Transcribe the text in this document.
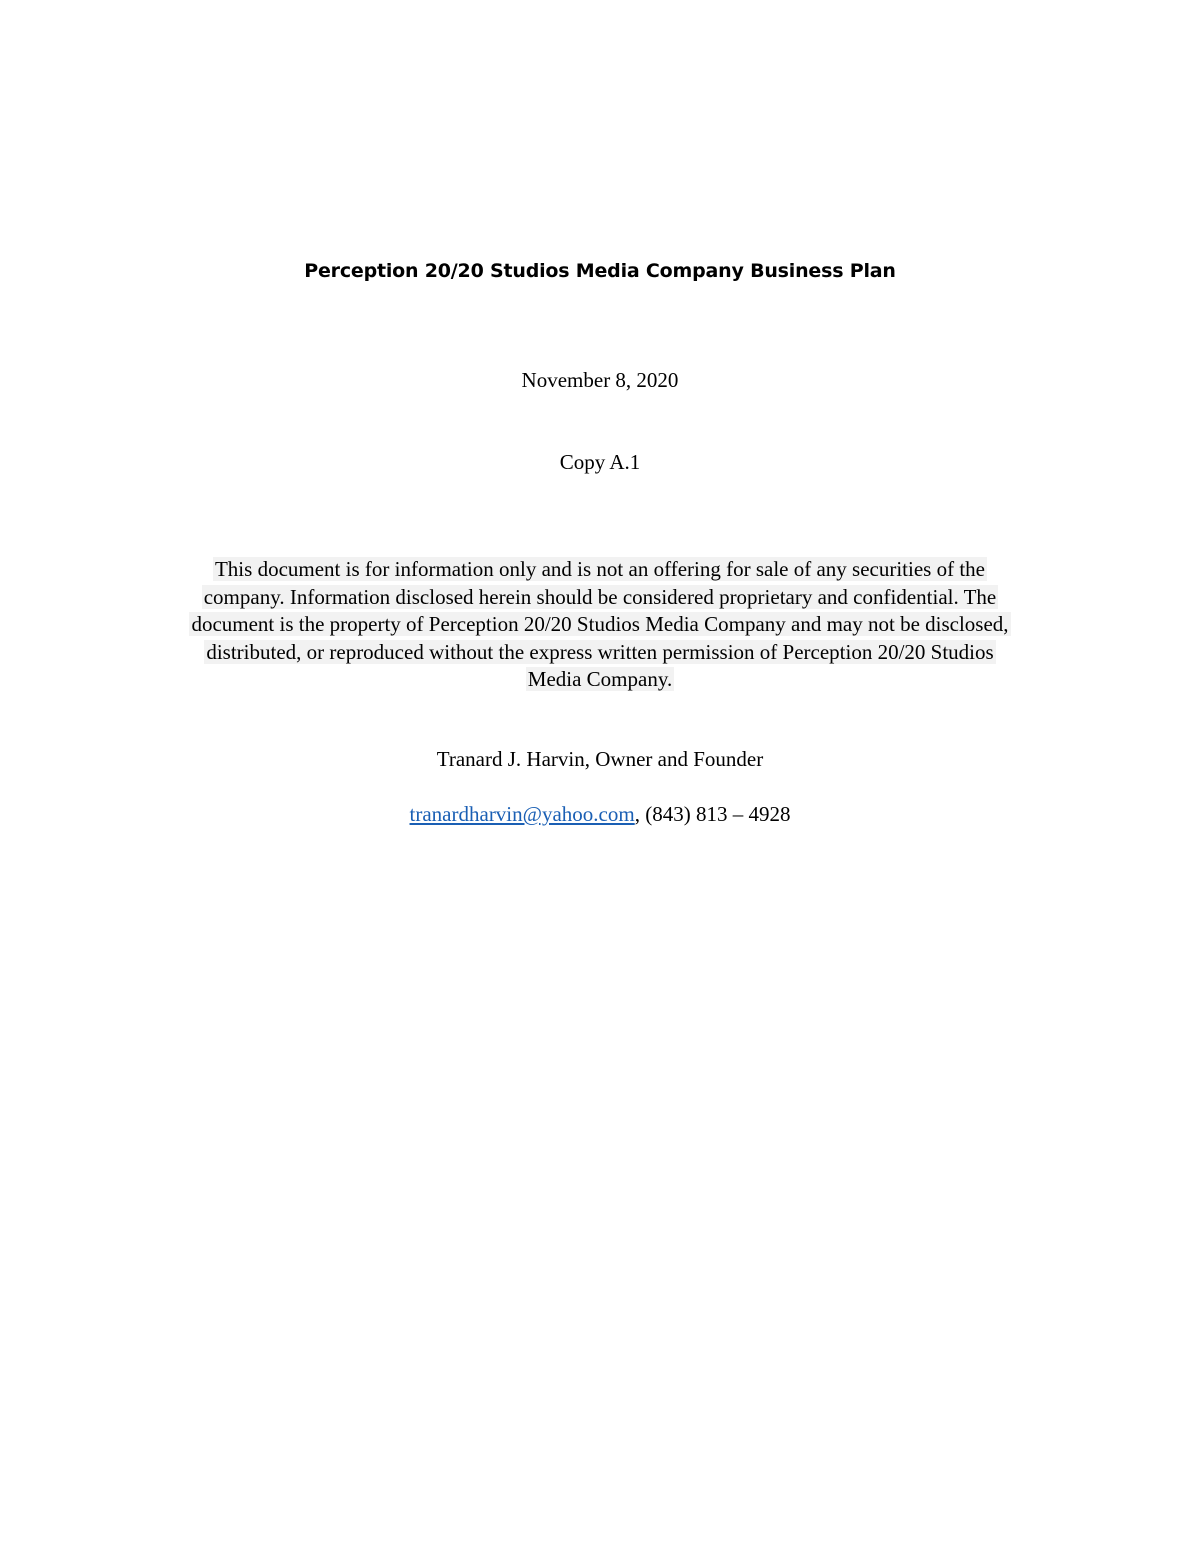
Perception 20/20 Studios Media Company Business Plan
November 8, 2020
Copy A.1
This document is for information only and is not an offering for sale of any securities of the
company. Information disclosed herein should be considered proprietary and confidential. The
document is the property of Perception 20/20 Studios Media Company and may not be disclosed,
distributed, or reproduced without the express written permission of Perception 20/20 Studios
Media Company.
Tranard J. Harvin, Owner and Founder
tranardharvin@yahoo.com, (843) 813 – 4928
